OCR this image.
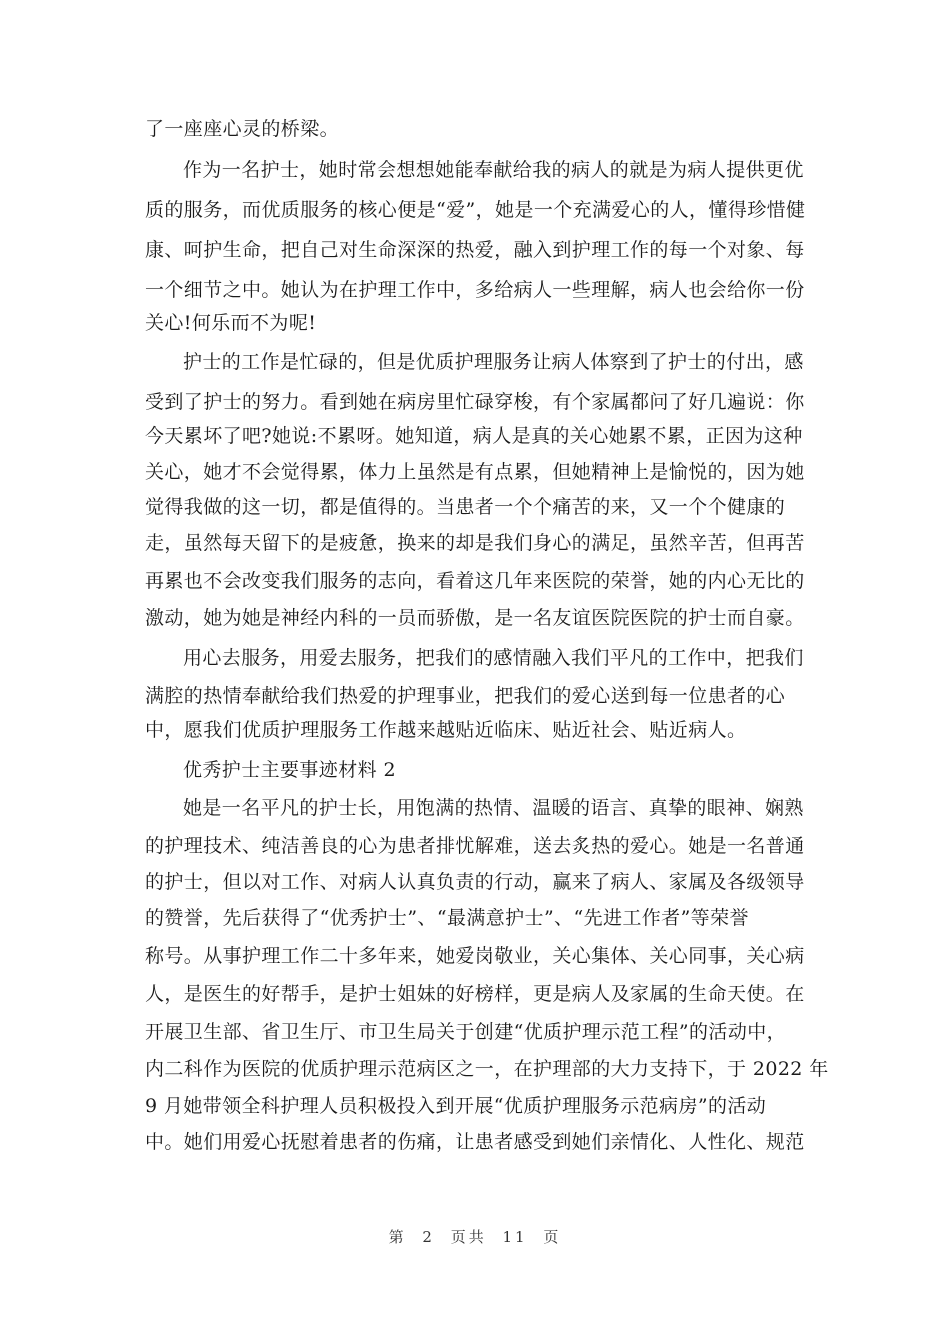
了一座座心灵的桥梁。
作为一名护士，她时常会想想她能奉献给我的病人的就是为病人提供更优
质的服务，而优质服务的核心便是“爱”，她是一个充满爱心的人，懂得珍惜健
康、呵护生命，把自己对生命深深的热爱，融入到护理工作的每一个对象、每
一个细节之中。她认为在护理工作中，多给病人一些理解，病人也会给你一份
关心!何乐而不为呢!
护士的工作是忙碌的，但是优质护理服务让病人体察到了护士的付出，感
受到了护士的努力。看到她在病房里忙碌穿梭，有个家属都问了好几遍说：你
今天累坏了吧?她说:不累呀。她知道，病人是真的关心她累不累，正因为这种
关心，她才不会觉得累，体力上虽然是有点累，但她精神上是愉悦的，因为她
觉得我做的这一切，都是值得的。当患者一个个痛苦的来，又一个个健康的
走，虽然每天留下的是疲惫，换来的却是我们身心的满足，虽然辛苦，但再苦
再累也不会改变我们服务的志向，看着这几年来医院的荣誉，她的内心无比的
激动，她为她是神经内科的一员而骄傲，是一名友谊医院医院的护士而自豪。
用心去服务，用爱去服务，把我们的感情融入我们平凡的工作中，把我们
满腔的热情奉献给我们热爱的护理事业，把我们的爱心送到每一位患者的心
中，愿我们优质护理服务工作越来越贴近临床、贴近社会、贴近病人。
优秀护士主要事迹材料 2
她是一名平凡的护士长，用饱满的热情、温暖的语言、真挚的眼神、娴熟
的护理技术、纯洁善良的心为患者排忧解难，送去炙热的爱心。她是一名普通
的护士，但以对工作、对病人认真负责的行动，赢来了病人、家属及各级领导
的赞誉，先后获得了“优秀护士”、“最满意护士”、“先进工作者”等荣誉
称号。从事护理工作二十多年来，她爱岗敬业，关心集体、关心同事，关心病
人，是医生的好帮手，是护士姐妹的好榜样，更是病人及家属的生命天使。在
开展卫生部、省卫生厅、市卫生局关于创建“优质护理示范工程”的活动中，
内二科作为医院的优质护理示范病区之一，在护理部的大力支持下，于 2022 年
9 月她带领全科护理人员积极投入到开展“优质护理服务示范病房”的活动
中。她们用爱心抚慰着患者的伤痛，让患者感受到她们亲情化、人性化、规范
第 2 页共 11 页
